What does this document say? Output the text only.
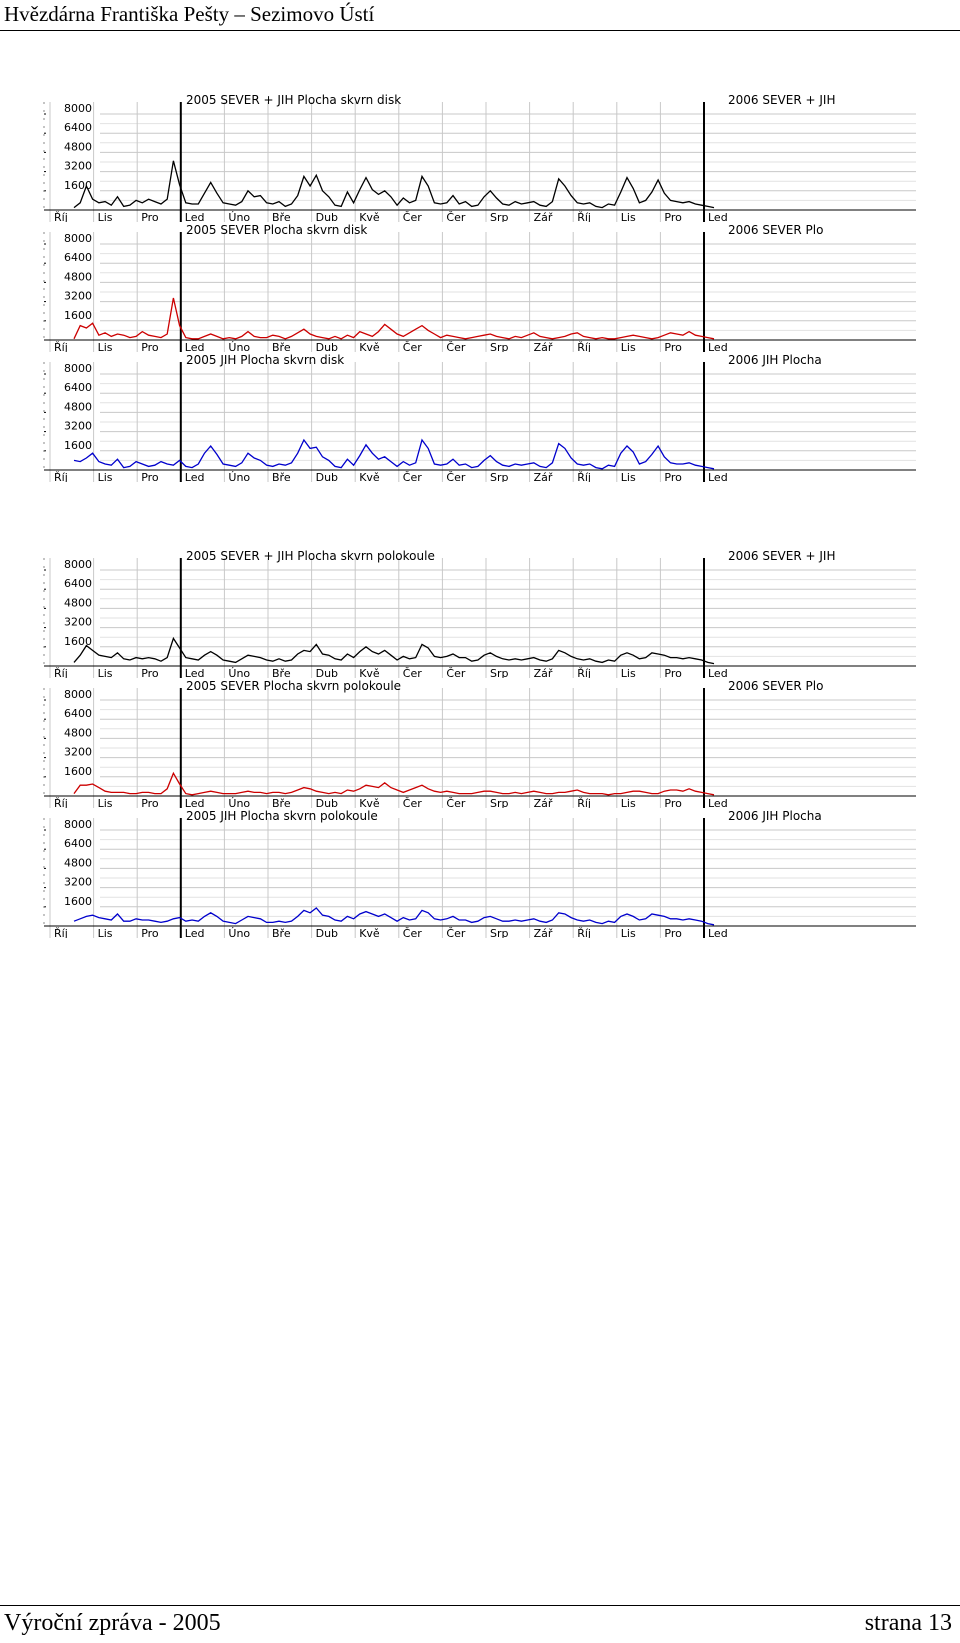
Hvězdárna Františka Pešty – Sezimovo Ústí
8000
6400
4800
3200
1600
Říj	Lis	Pro Led Úno Bře Dub Kvě Čer Čer Srp Zář Říj	Lis	Pro Led
2005 SEVER + JIH Plocha skvrn disk	2006 SEVER + JIH
8000
6400
4800
3200
1600
Říj	Lis	Pro Led Úno Bře Dub Kvě Čer Čer Srp Zář Říj	Lis	Pro Led
2005 SEVER Plocha skvrn disk	2006 SEVER Plo
8000
6400
4800
3200
1600
Říj	Lis	Pro Led Úno Bře Dub Kvě Čer Čer Srp Zář Říj	Lis	Pro Led
2005 JIH Plocha skvrn disk	2006 JIH Plocha
8000
6400
4800
3200
1600
Říj	Lis	Pro Led Úno Bře Dub Kvě Čer Čer Srp Zář Říj	Lis	Pro Led
2005 SEVER + JIH Plocha skvrn polokoule	2006 SEVER + JIH
8000
6400
4800
3200
1600
Říj	Lis	Pro Led Úno Bře Dub Kvě Čer Čer Srp Zář Říj	Lis	Pro Led
2005 SEVER Plocha skvrn polokoule	2006 SEVER Plo
8000
6400
4800
3200
1600
Říj	Lis	Pro Led Úno Bře Dub Kvě Čer Čer Srp Zář Říj	Lis	Pro Led
2005 JIH Plocha skvrn polokoule	2006 JIH Plocha
Výroční zpráva - 2005	strana 13
